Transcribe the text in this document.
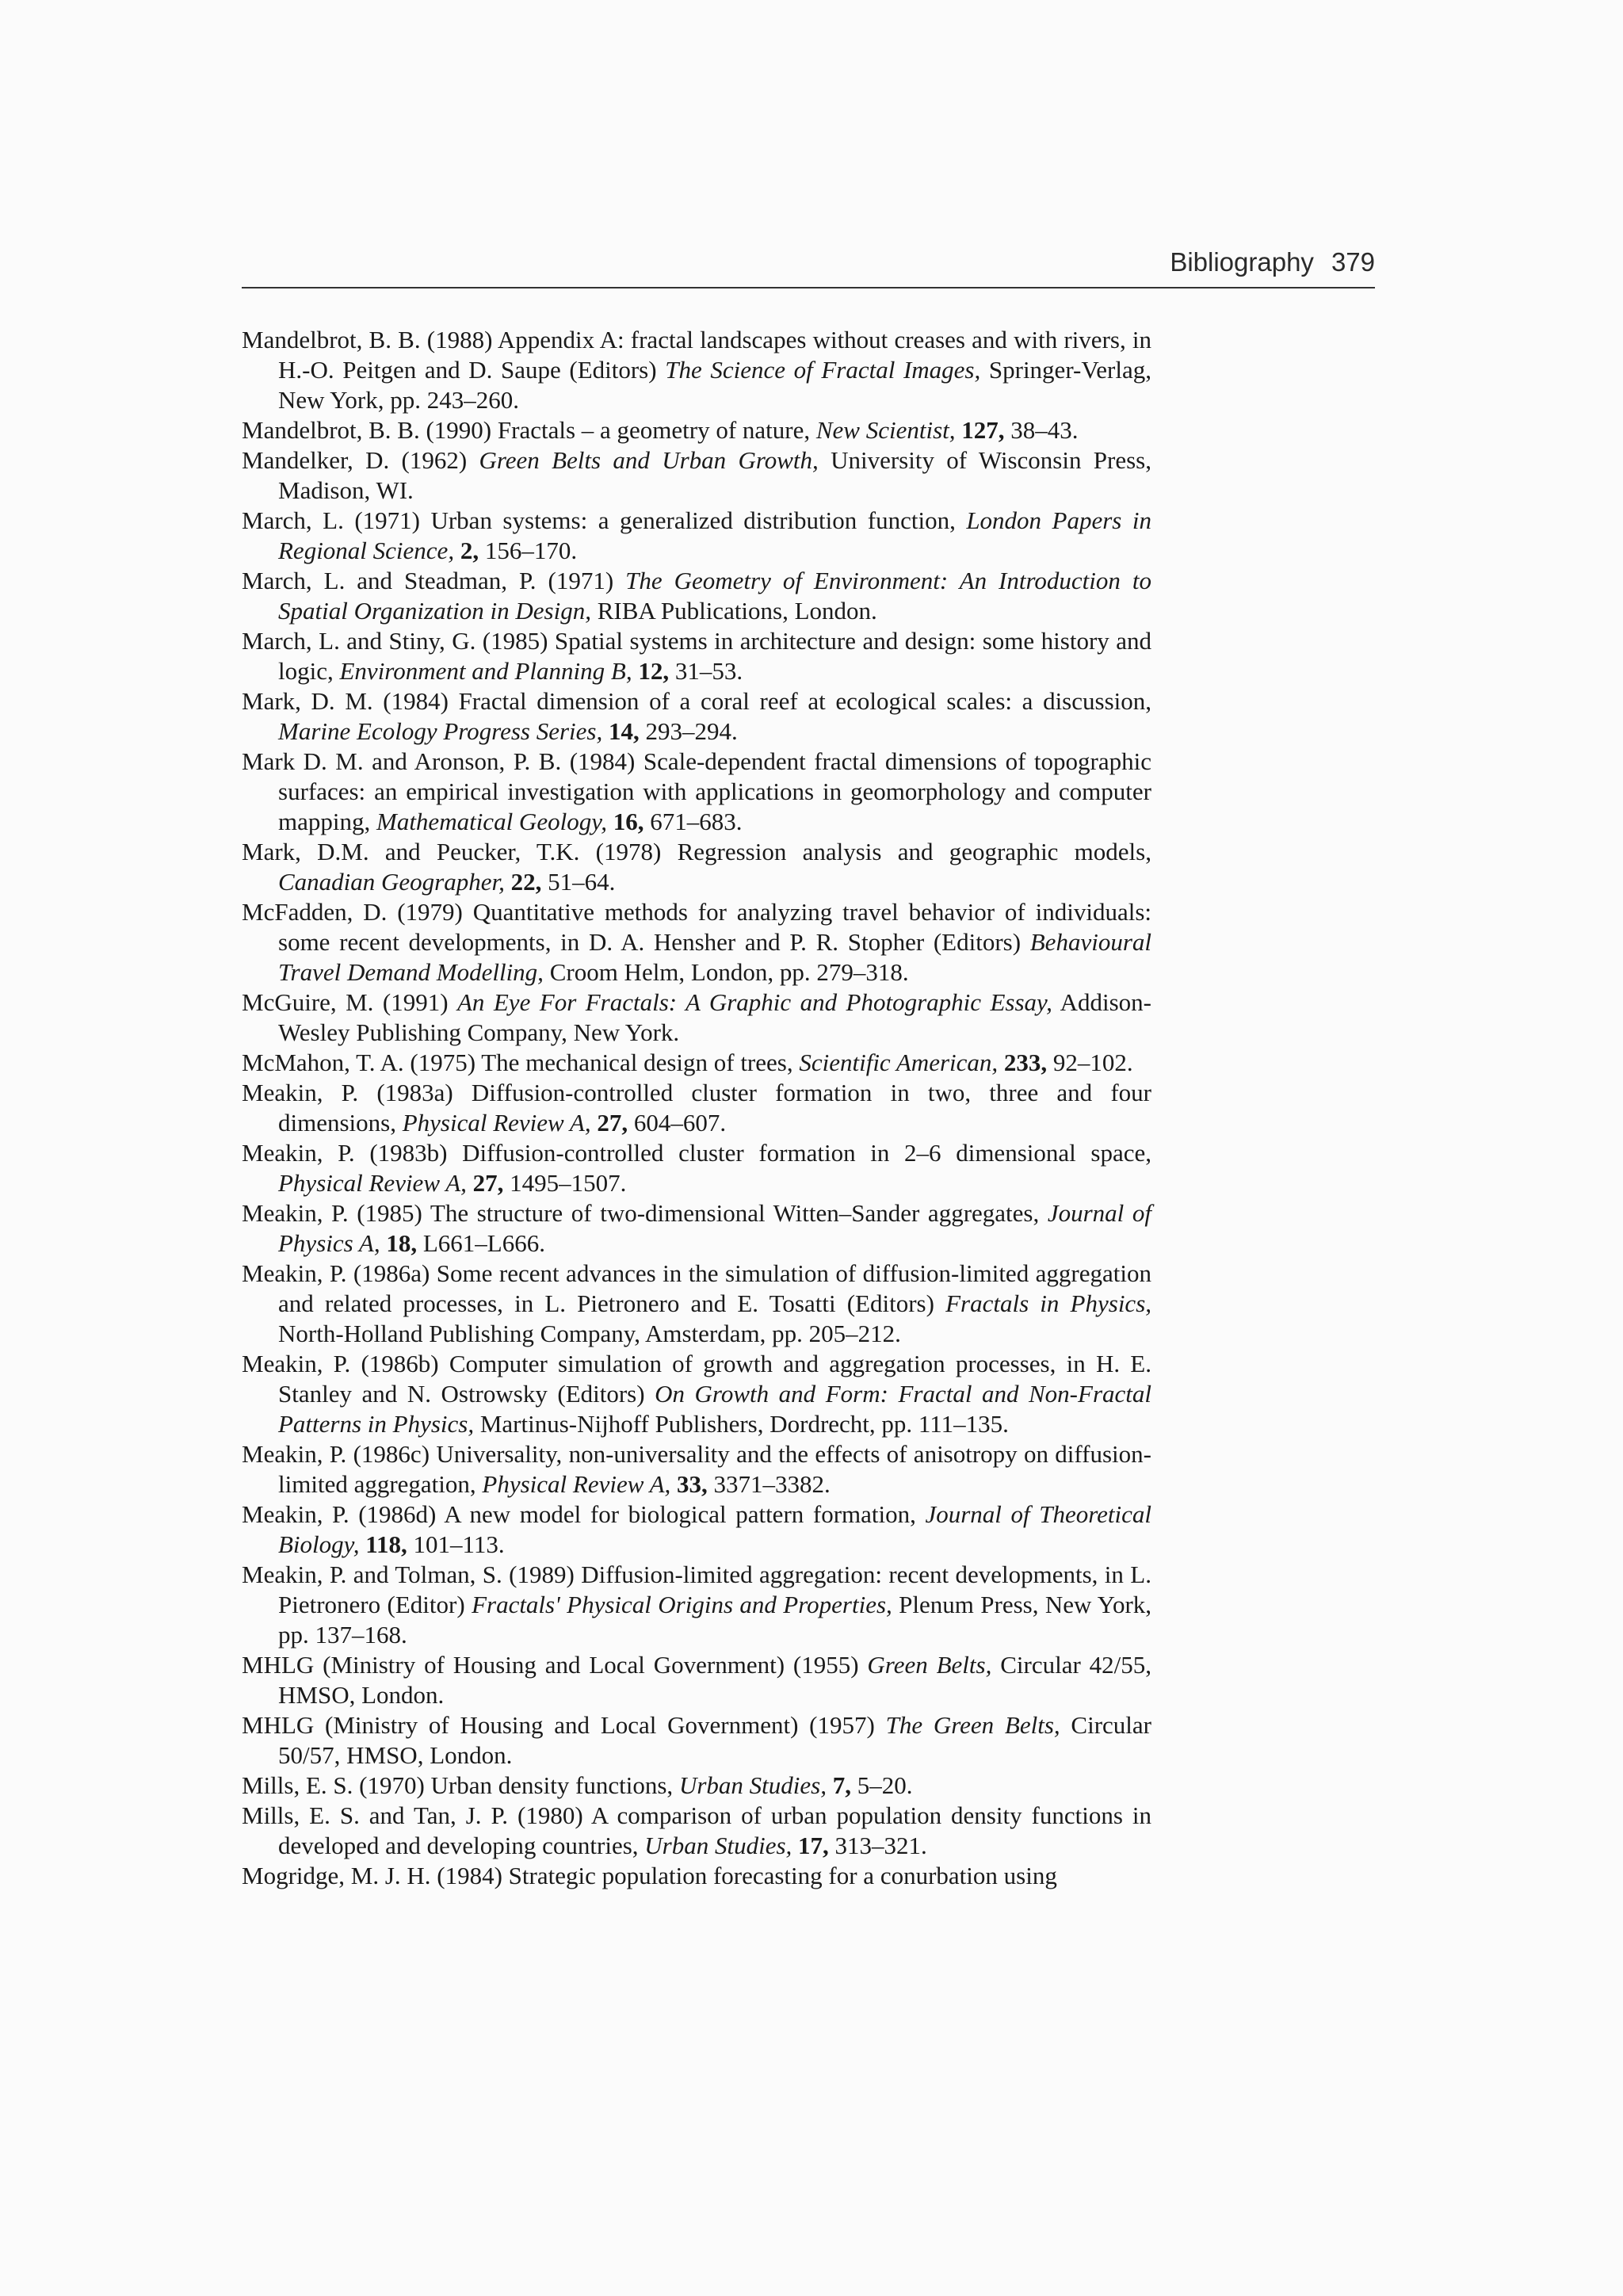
Bibliography 379
Mandelbrot, B. B. (1988) Appendix A: fractal landscapes without creases and with rivers, in H.-O. Peitgen and D. Saupe (Editors) The Science of Fractal Images, Springer-Verlag, New York, pp. 243–260.
Mandelbrot, B. B. (1990) Fractals – a geometry of nature, New Scientist, 127, 38–43.
Mandelker, D. (1962) Green Belts and Urban Growth, University of Wisconsin Press, Madison, WI.
March, L. (1971) Urban systems: a generalized distribution function, London Papers in Regional Science, 2, 156–170.
March, L. and Steadman, P. (1971) The Geometry of Environment: An Introduction to Spatial Organization in Design, RIBA Publications, London.
March, L. and Stiny, G. (1985) Spatial systems in architecture and design: some history and logic, Environment and Planning B, 12, 31–53.
Mark, D. M. (1984) Fractal dimension of a coral reef at ecological scales: a discussion, Marine Ecology Progress Series, 14, 293–294.
Mark D. M. and Aronson, P. B. (1984) Scale-dependent fractal dimensions of topographic surfaces: an empirical investigation with applications in geomorphology and computer mapping, Mathematical Geology, 16, 671–683.
Mark, D.M. and Peucker, T.K. (1978) Regression analysis and geographic models, Canadian Geographer, 22, 51–64.
McFadden, D. (1979) Quantitative methods for analyzing travel behavior of individuals: some recent developments, in D. A. Hensher and P. R. Stopher (Editors) Behavioural Travel Demand Modelling, Croom Helm, London, pp. 279–318.
McGuire, M. (1991) An Eye For Fractals: A Graphic and Photographic Essay, Addison-Wesley Publishing Company, New York.
McMahon, T. A. (1975) The mechanical design of trees, Scientific American, 233, 92–102.
Meakin, P. (1983a) Diffusion-controlled cluster formation in two, three and four dimensions, Physical Review A, 27, 604–607.
Meakin, P. (1983b) Diffusion-controlled cluster formation in 2–6 dimensional space, Physical Review A, 27, 1495–1507.
Meakin, P. (1985) The structure of two-dimensional Witten–Sander aggregates, Journal of Physics A, 18, L661–L666.
Meakin, P. (1986a) Some recent advances in the simulation of diffusion-limited aggregation and related processes, in L. Pietronero and E. Tosatti (Editors) Fractals in Physics, North-Holland Publishing Company, Amsterdam, pp. 205–212.
Meakin, P. (1986b) Computer simulation of growth and aggregation processes, in H. E. Stanley and N. Ostrowsky (Editors) On Growth and Form: Fractal and Non-Fractal Patterns in Physics, Martinus-Nijhoff Publishers, Dordrecht, pp. 111–135.
Meakin, P. (1986c) Universality, non-universality and the effects of anisotropy on diffusion-limited aggregation, Physical Review A, 33, 3371–3382.
Meakin, P. (1986d) A new model for biological pattern formation, Journal of Theoretical Biology, 118, 101–113.
Meakin, P. and Tolman, S. (1989) Diffusion-limited aggregation: recent developments, in L. Pietronero (Editor) Fractals' Physical Origins and Properties, Plenum Press, New York, pp. 137–168.
MHLG (Ministry of Housing and Local Government) (1955) Green Belts, Circular 42/55, HMSO, London.
MHLG (Ministry of Housing and Local Government) (1957) The Green Belts, Circular 50/57, HMSO, London.
Mills, E. S. (1970) Urban density functions, Urban Studies, 7, 5–20.
Mills, E. S. and Tan, J. P. (1980) A comparison of urban population density functions in developed and developing countries, Urban Studies, 17, 313–321.
Mogridge, M. J. H. (1984) Strategic population forecasting for a conurbation using
